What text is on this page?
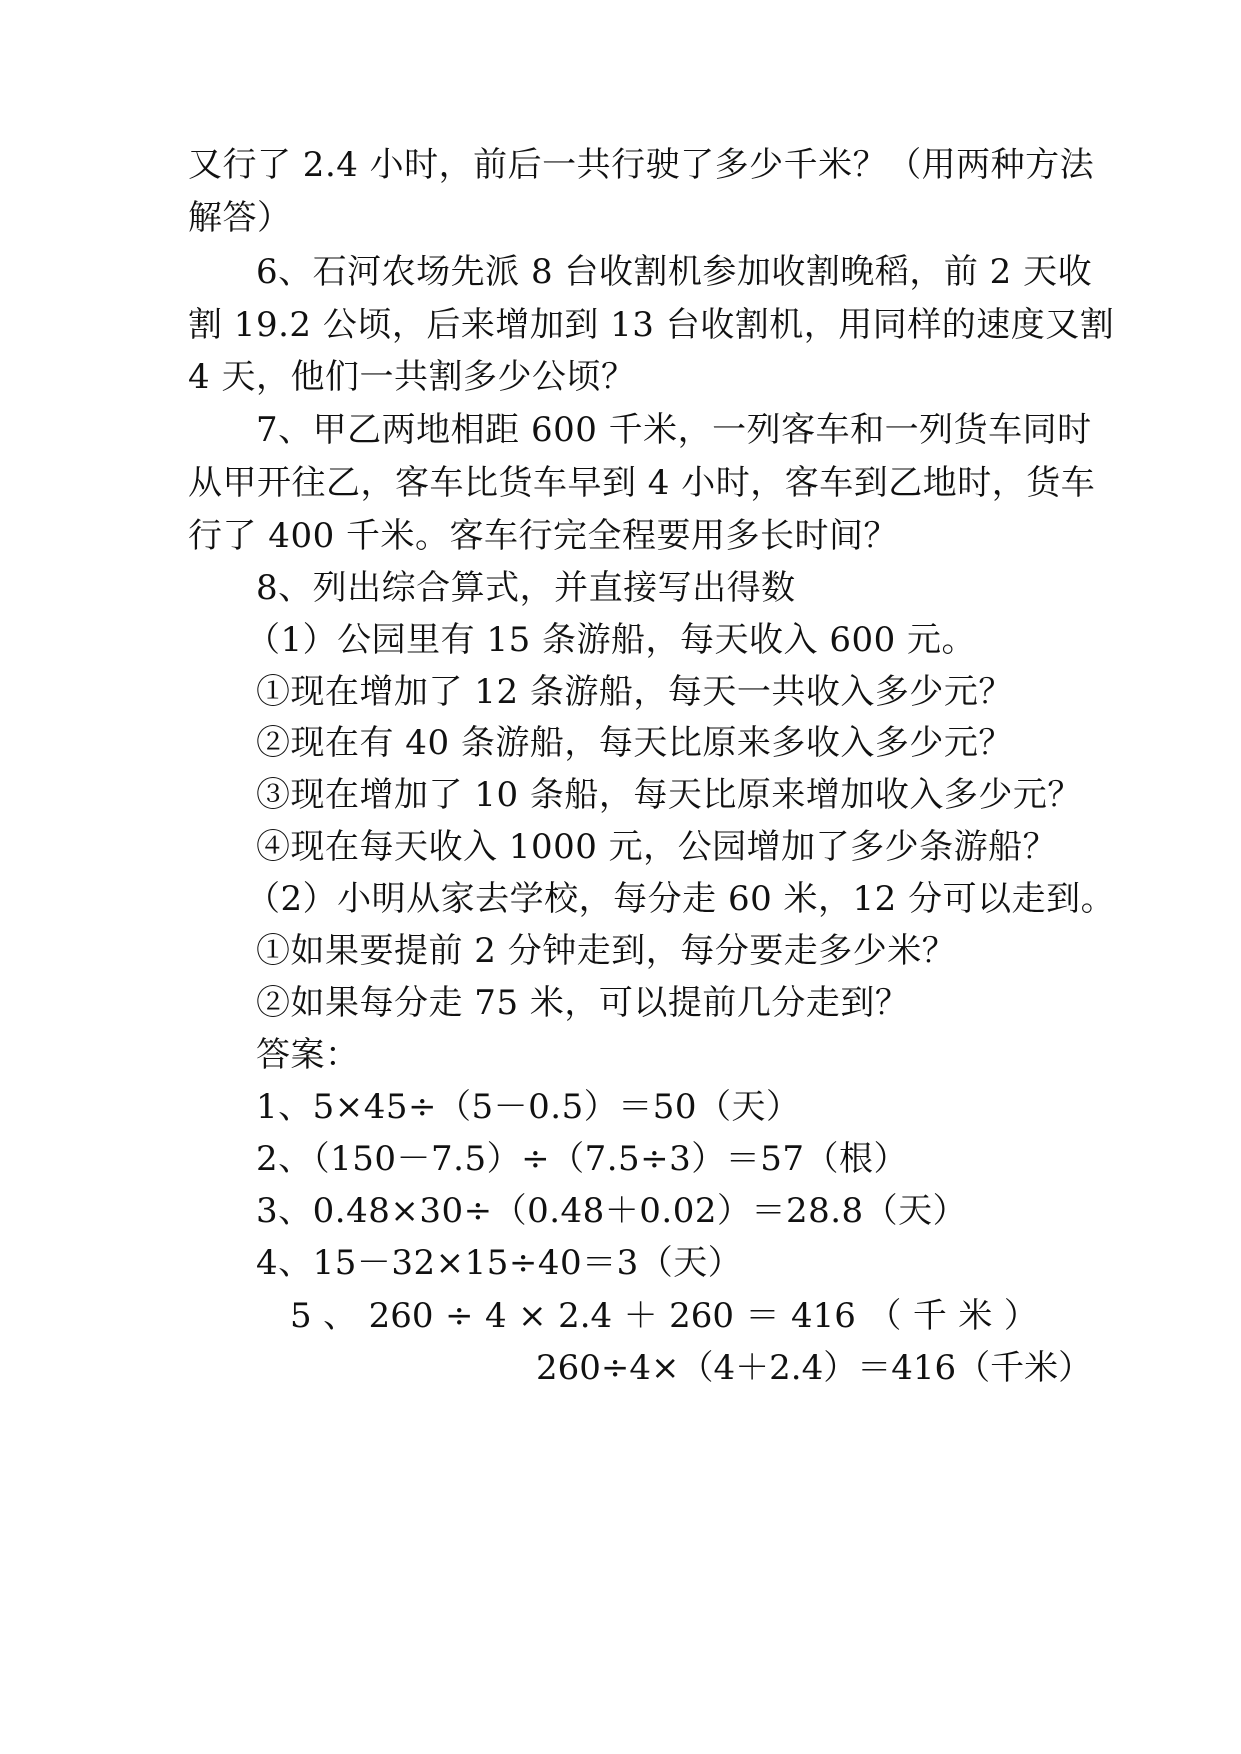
又行了 2.4 小时，前后一共行驶了多少千米？（用两种方法
解答）
6、石河农场先派 8 台收割机参加收割晚稻，前 2 天收
割 19.2 公顷，后来增加到 13 台收割机，用同样的速度又割
4 天，他们一共割多少公顷？
7、甲乙两地相距 600 千米，一列客车和一列货车同时
从甲开往乙，客车比货车早到 4 小时，客车到乙地时，货车
行了 400 千米。客车行完全程要用多长时间？
8、列出综合算式，并直接写出得数
（1）公园里有 15 条游船，每天收入 600 元。
①现在增加了 12 条游船，每天一共收入多少元？
②现在有 40 条游船，每天比原来多收入多少元？
③现在增加了 10 条船，每天比原来增加收入多少元？
④现在每天收入 1000 元，公园增加了多少条游船？
（2）小明从家去学校，每分走 60 米，12 分可以走到。
①如果要提前 2 分钟走到，每分要走多少米？
②如果每分走 75 米，可以提前几分走到？
答案：
1、5×45÷（5－0.5）＝50（天）
2、（150－7.5）÷（7.5÷3）＝57（根）
3、0.48×30÷（0.48＋0.02）＝28.8（天）
4、15－32×15÷40＝3（天）
5 、 260 ÷ 4 × 2.4 ＋ 260 ＝ 416 （ 千 米 ）
260÷4×（4＋2.4）＝416（千米）
